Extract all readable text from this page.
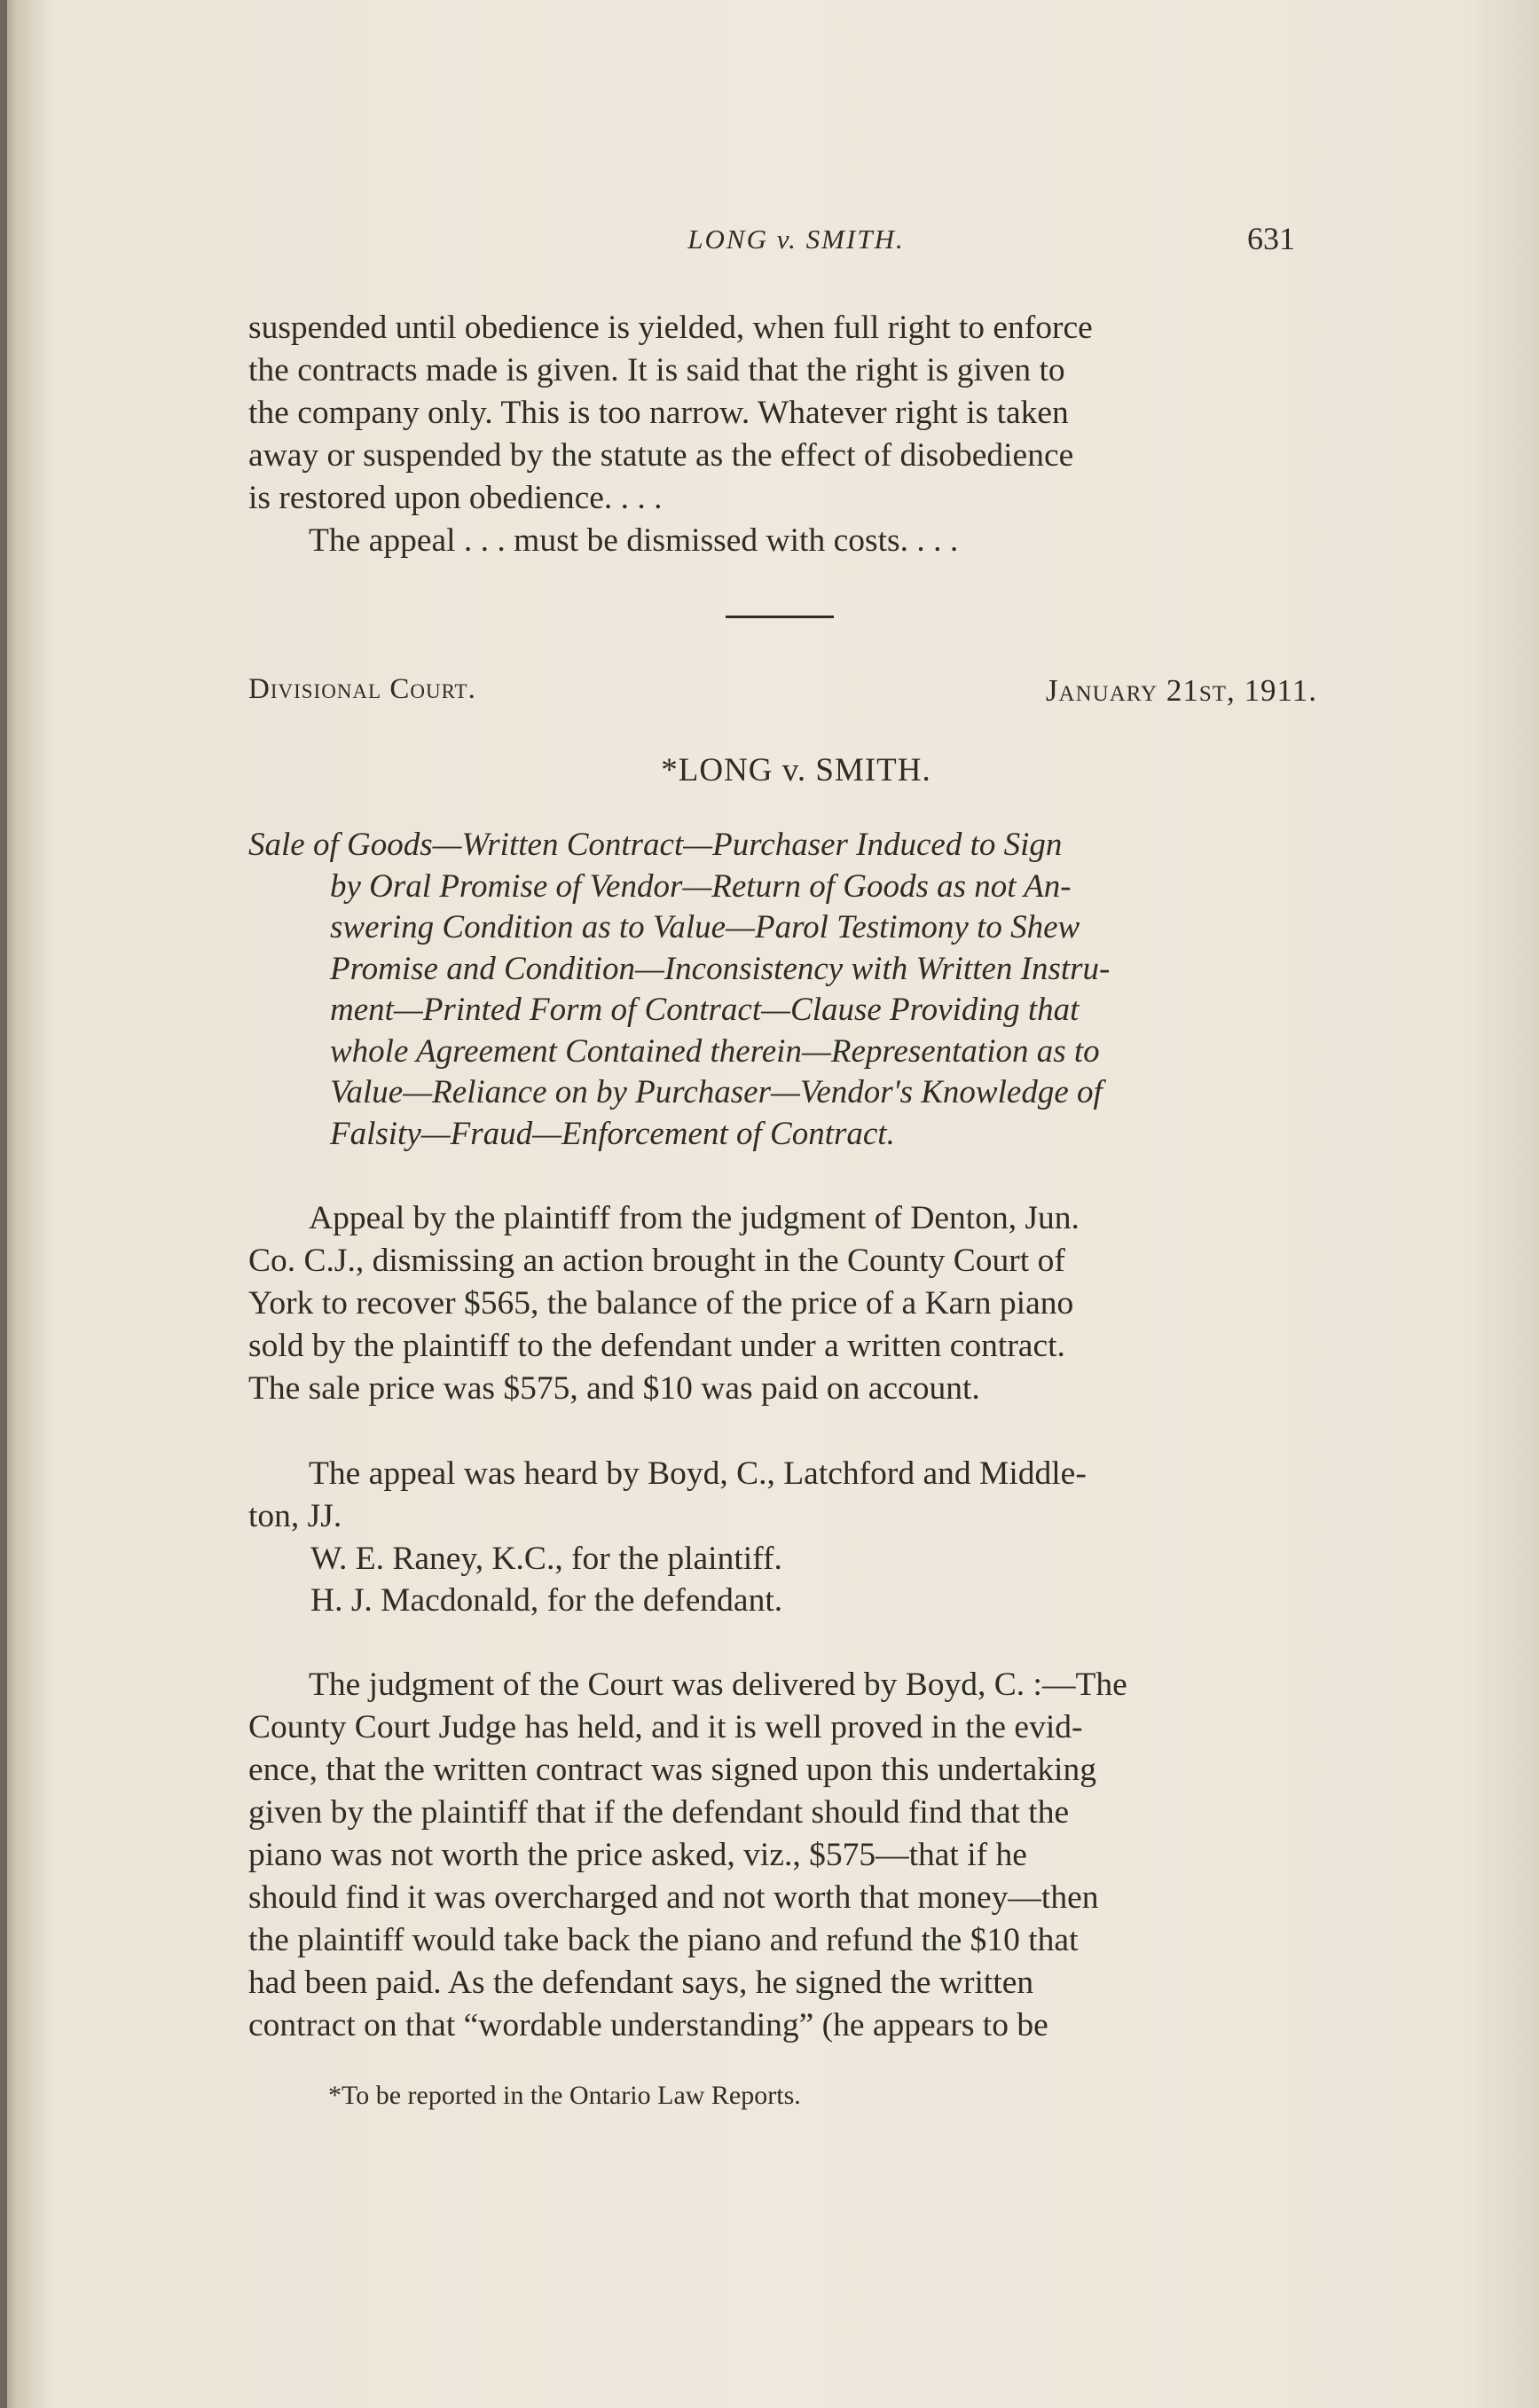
LONG v. SMITH.	631

suspended until obedience is yielded, when full right to enforce
the contracts made is given. It is said that the right is given to
the company only. This is too narrow. Whatever right is taken
away or suspended by the statute as the effect of disobedience
is restored upon obedience. . . .
The appeal . . . must be dismissed with costs. . . .

Divisional Court.	January 21st, 1911.
*LONG v. SMITH.
Sale of Goods—Written Contract—Purchaser Induced to Sign
by Oral Promise of Vendor—Return of Goods as not An-
swering Condition as to Value—Parol Testimony to Shew
Promise and Condition—Inconsistency with Written Instru-
ment—Printed Form of Contract—Clause Providing that
whole Agreement Contained therein—Representation as to
Value—Reliance on by Purchaser—Vendor's Knowledge of
Falsity—Fraud—Enforcement of Contract.

Appeal by the plaintiff from the judgment of Denton, Jun.
Co. C.J., dismissing an action brought in the County Court of
York to recover $565, the balance of the price of a Karn piano
sold by the plaintiff to the defendant under a written contract.
The sale price was $575, and $10 was paid on account.

The appeal was heard by Boyd, C., Latchford and Middle-
ton, JJ.

W. E. Raney, K.C., for the plaintiff.
H. J. Macdonald, for the defendant.

The judgment of the Court was delivered by Boyd, C. :—The
County Court Judge has held, and it is well proved in the evid-
ence, that the written contract was signed upon this undertaking
given by the plaintiff that if the defendant should find that the
piano was not worth the price asked, viz., $575—that if he
should find it was overcharged and not worth that money—then
the plaintiff would take back the piano and refund the $10 that
had been paid. As the defendant says, he signed the written
contract on that “wordable understanding” (he appears to be

*To be reported in the Ontario Law Reports.
